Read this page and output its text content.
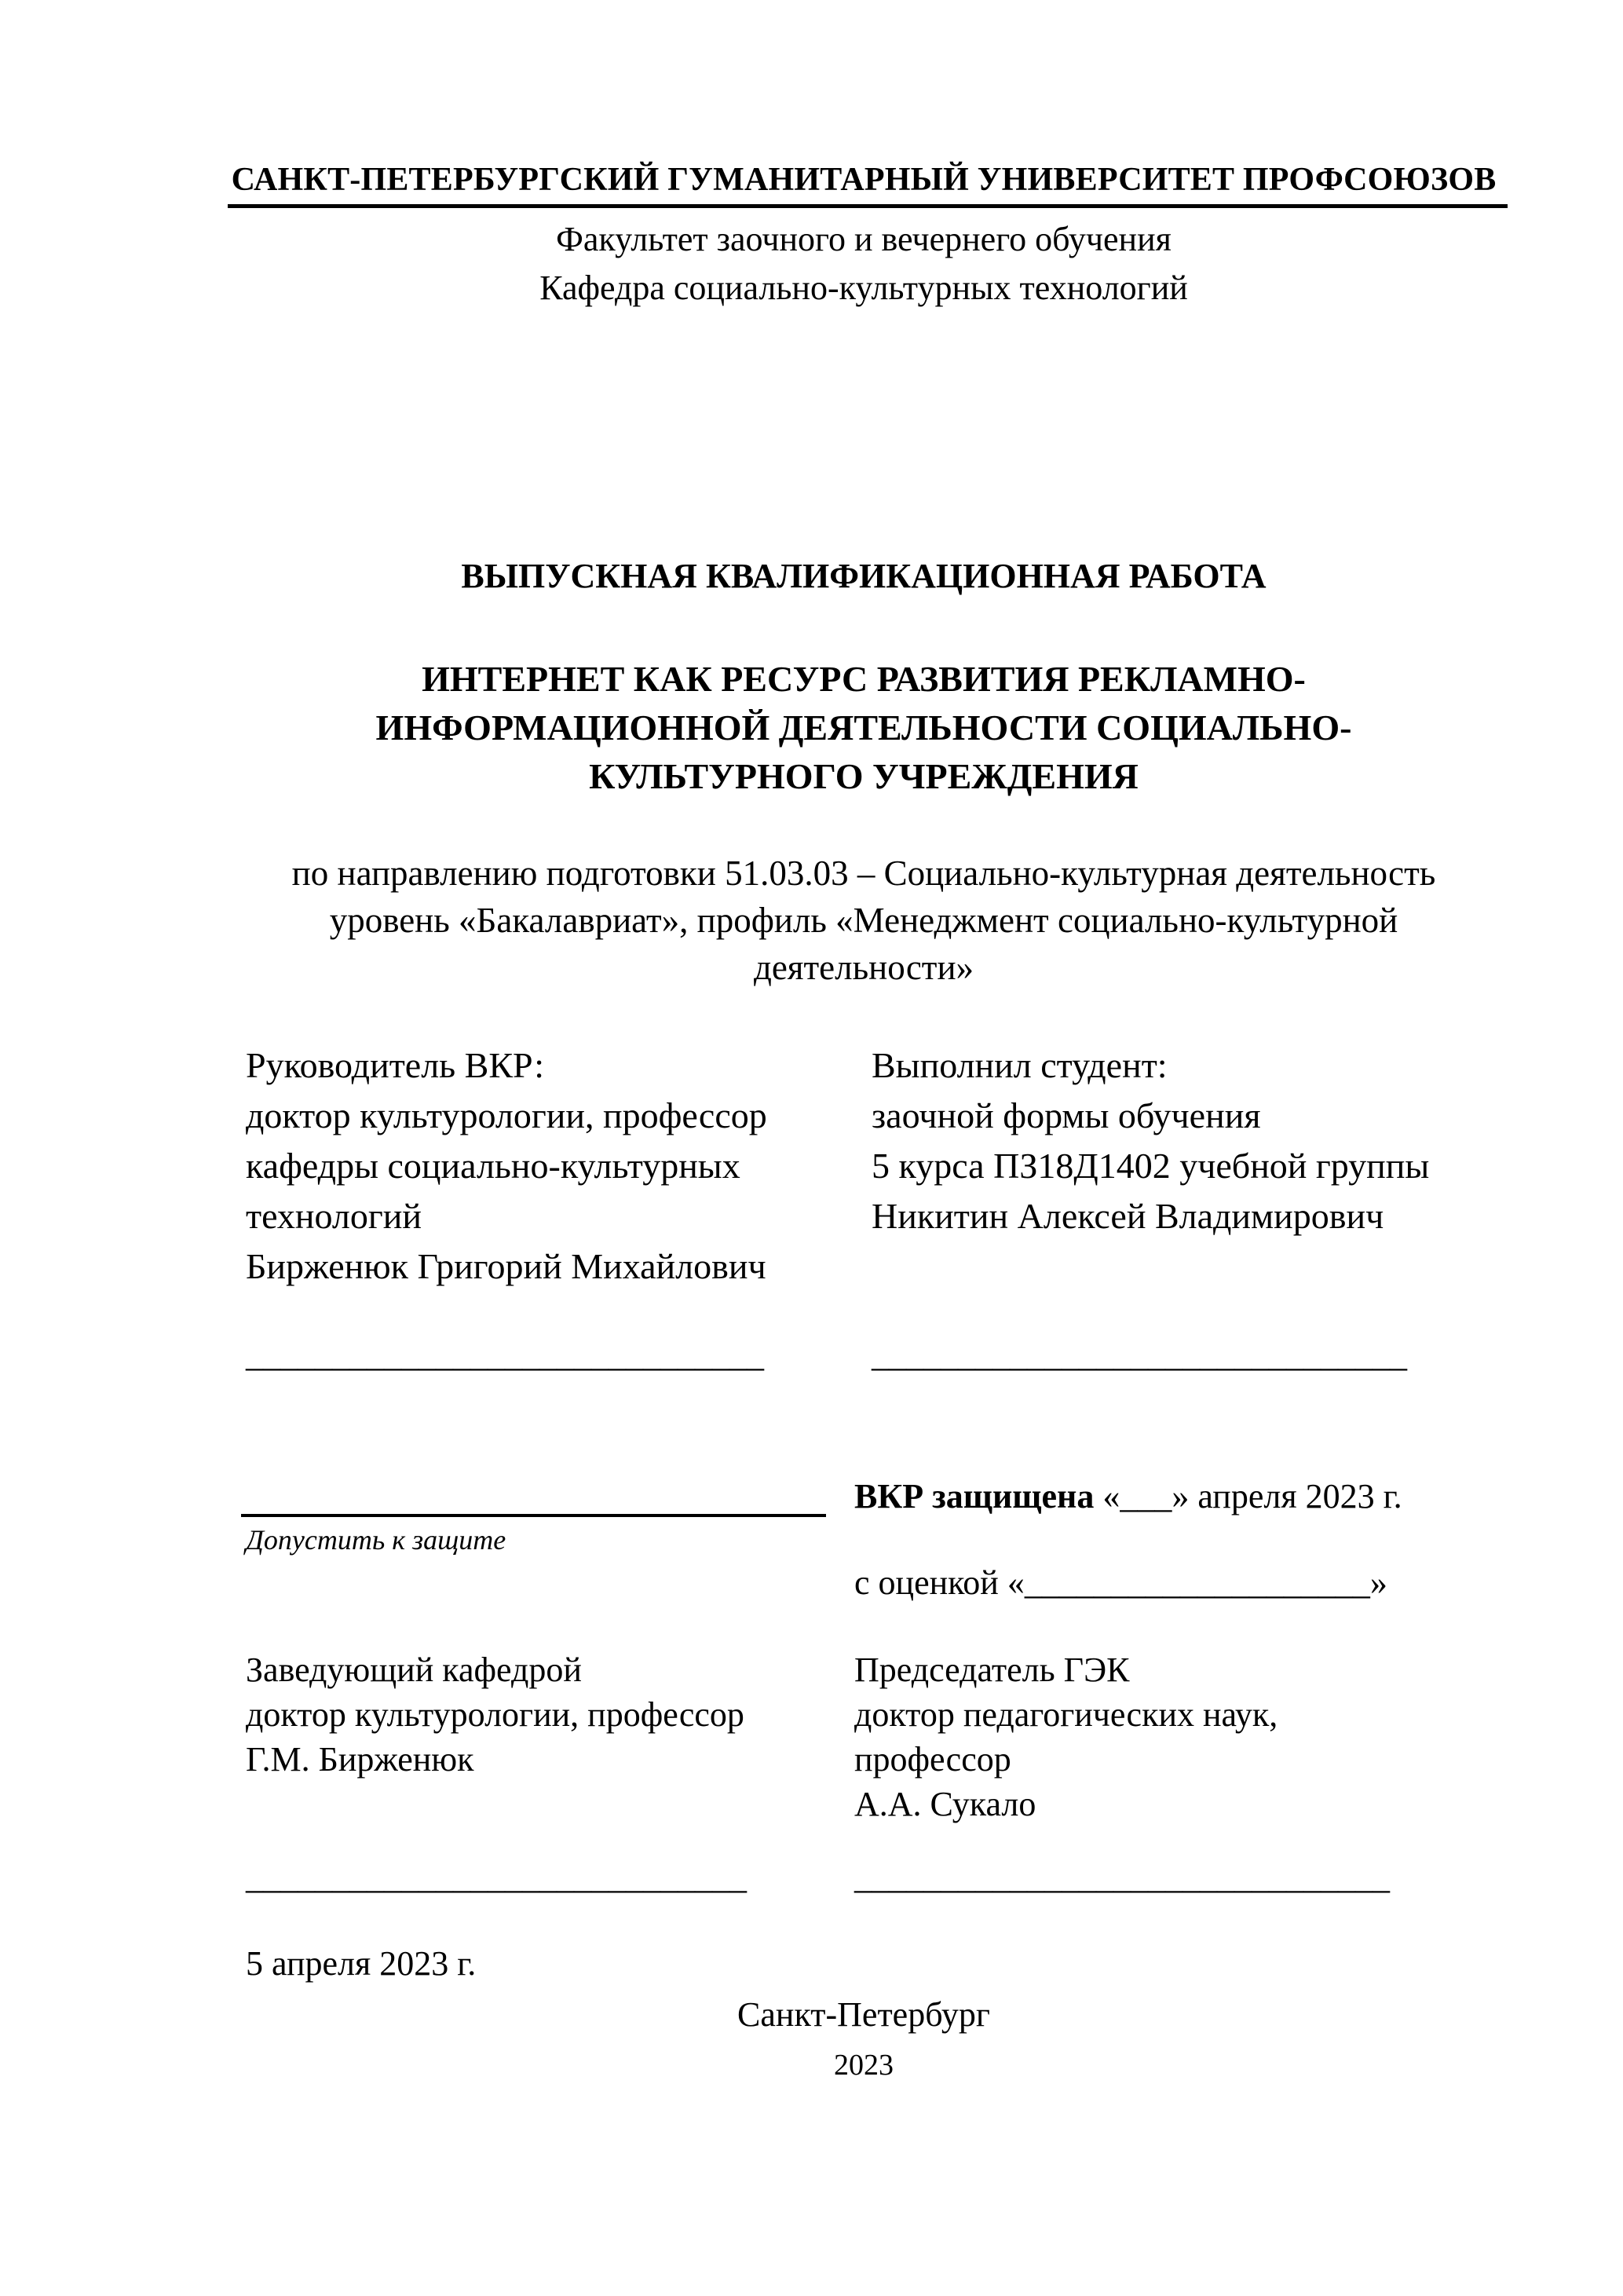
САНКТ-ПЕТЕРБУРГСКИЙ ГУМАНИТАРНЫЙ УНИВЕРСИТЕТ ПРОФСОЮЗОВ
Факультет заочного и вечернего обучения
Кафедра социально-культурных технологий
ВЫПУСКНАЯ КВАЛИФИКАЦИОННАЯ РАБОТА
ИНТЕРНЕТ КАК РЕСУРС РАЗВИТИЯ РЕКЛАМНО-
ИНФОРМАЦИОННОЙ ДЕЯТЕЛЬНОСТИ СОЦИАЛЬНО-
КУЛЬТУРНОГО УЧРЕЖДЕНИЯ
по направлению подготовки 51.03.03 – Социально-культурная деятельность
уровень «Бакалавриат», профиль «Менеджмент социально-культурной
деятельности»
Руководитель ВКР:
доктор культурологии, профессор
кафедры социально-культурных
технологий
Бирженюк Григорий Михайлович
Выполнил студент:
заочной формы обучения
5 курса ПЗ18Д1402 учебной группы
Никитин Алексей Владимирович
______________________________	_______________________________
Допустить к защите
ВКР защищена «___» апреля 2023 г.
с оценкой «____________________»
Заведующий кафедрой
доктор культурологии, профессор
Г.М. Бирженюк
Председатель ГЭК
доктор педагогических наук,
профессор
А.А. Сукало
_____________________________	_______________________________
5 апреля 2023 г.
Санкт-Петербург
2023
